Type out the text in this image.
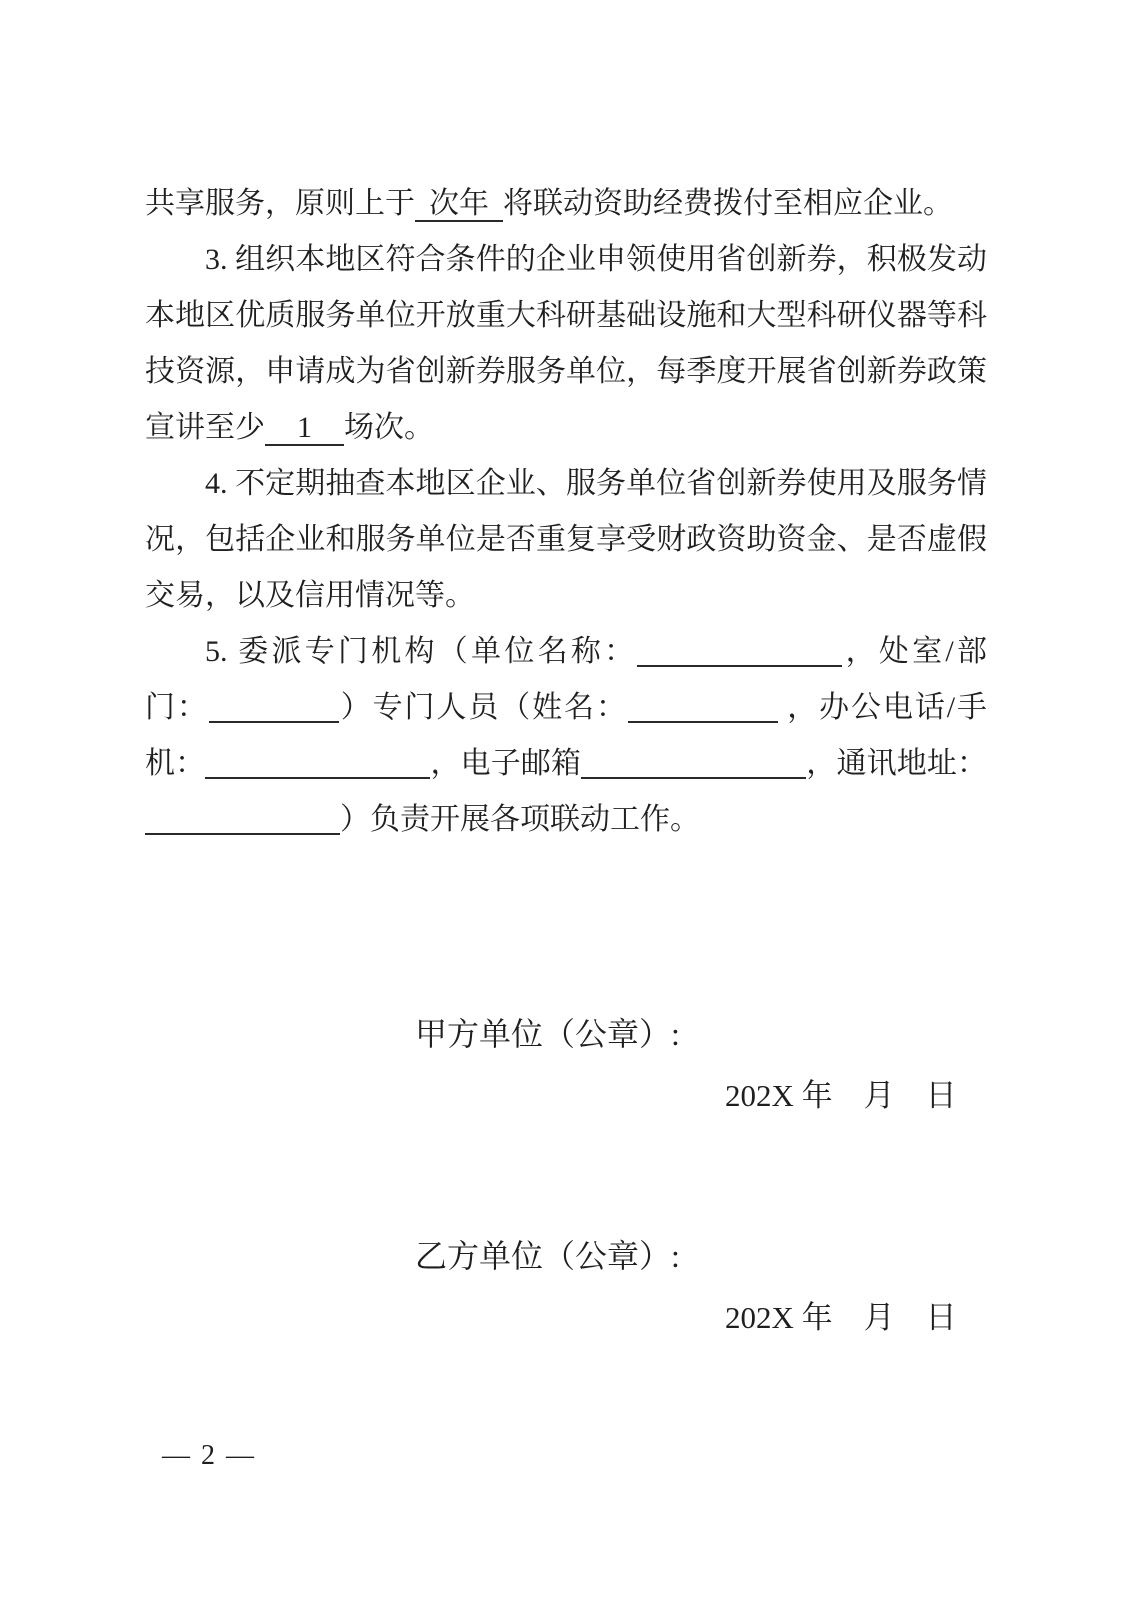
共享服务，原则上于 次年 将联动资助经费拨付至相应企业。

3. 组织本地区符合条件的企业申领使用省创新券，积极发动本地区优质服务单位开放重大科研基础设施和大型科研仪器等科技资源，申请成为省创新券服务单位，每季度开展省创新券政策宣讲至少 1 场次。

4. 不定期抽查本地区企业、服务单位省创新券使用及服务情况，包括企业和服务单位是否重复享受财政资助资金、是否虚假交易，以及信用情况等。

5. 委派专门机构（单位名称：	，处室/部门：	）专门人员（姓名：	，办公电话/手机：	，电子邮箱	，通讯地址：）负责开展各项联动工作。

甲方单位（公章）:
202X 年　月　日
乙方单位（公章）:
202X 年　月　日
— 2 —
